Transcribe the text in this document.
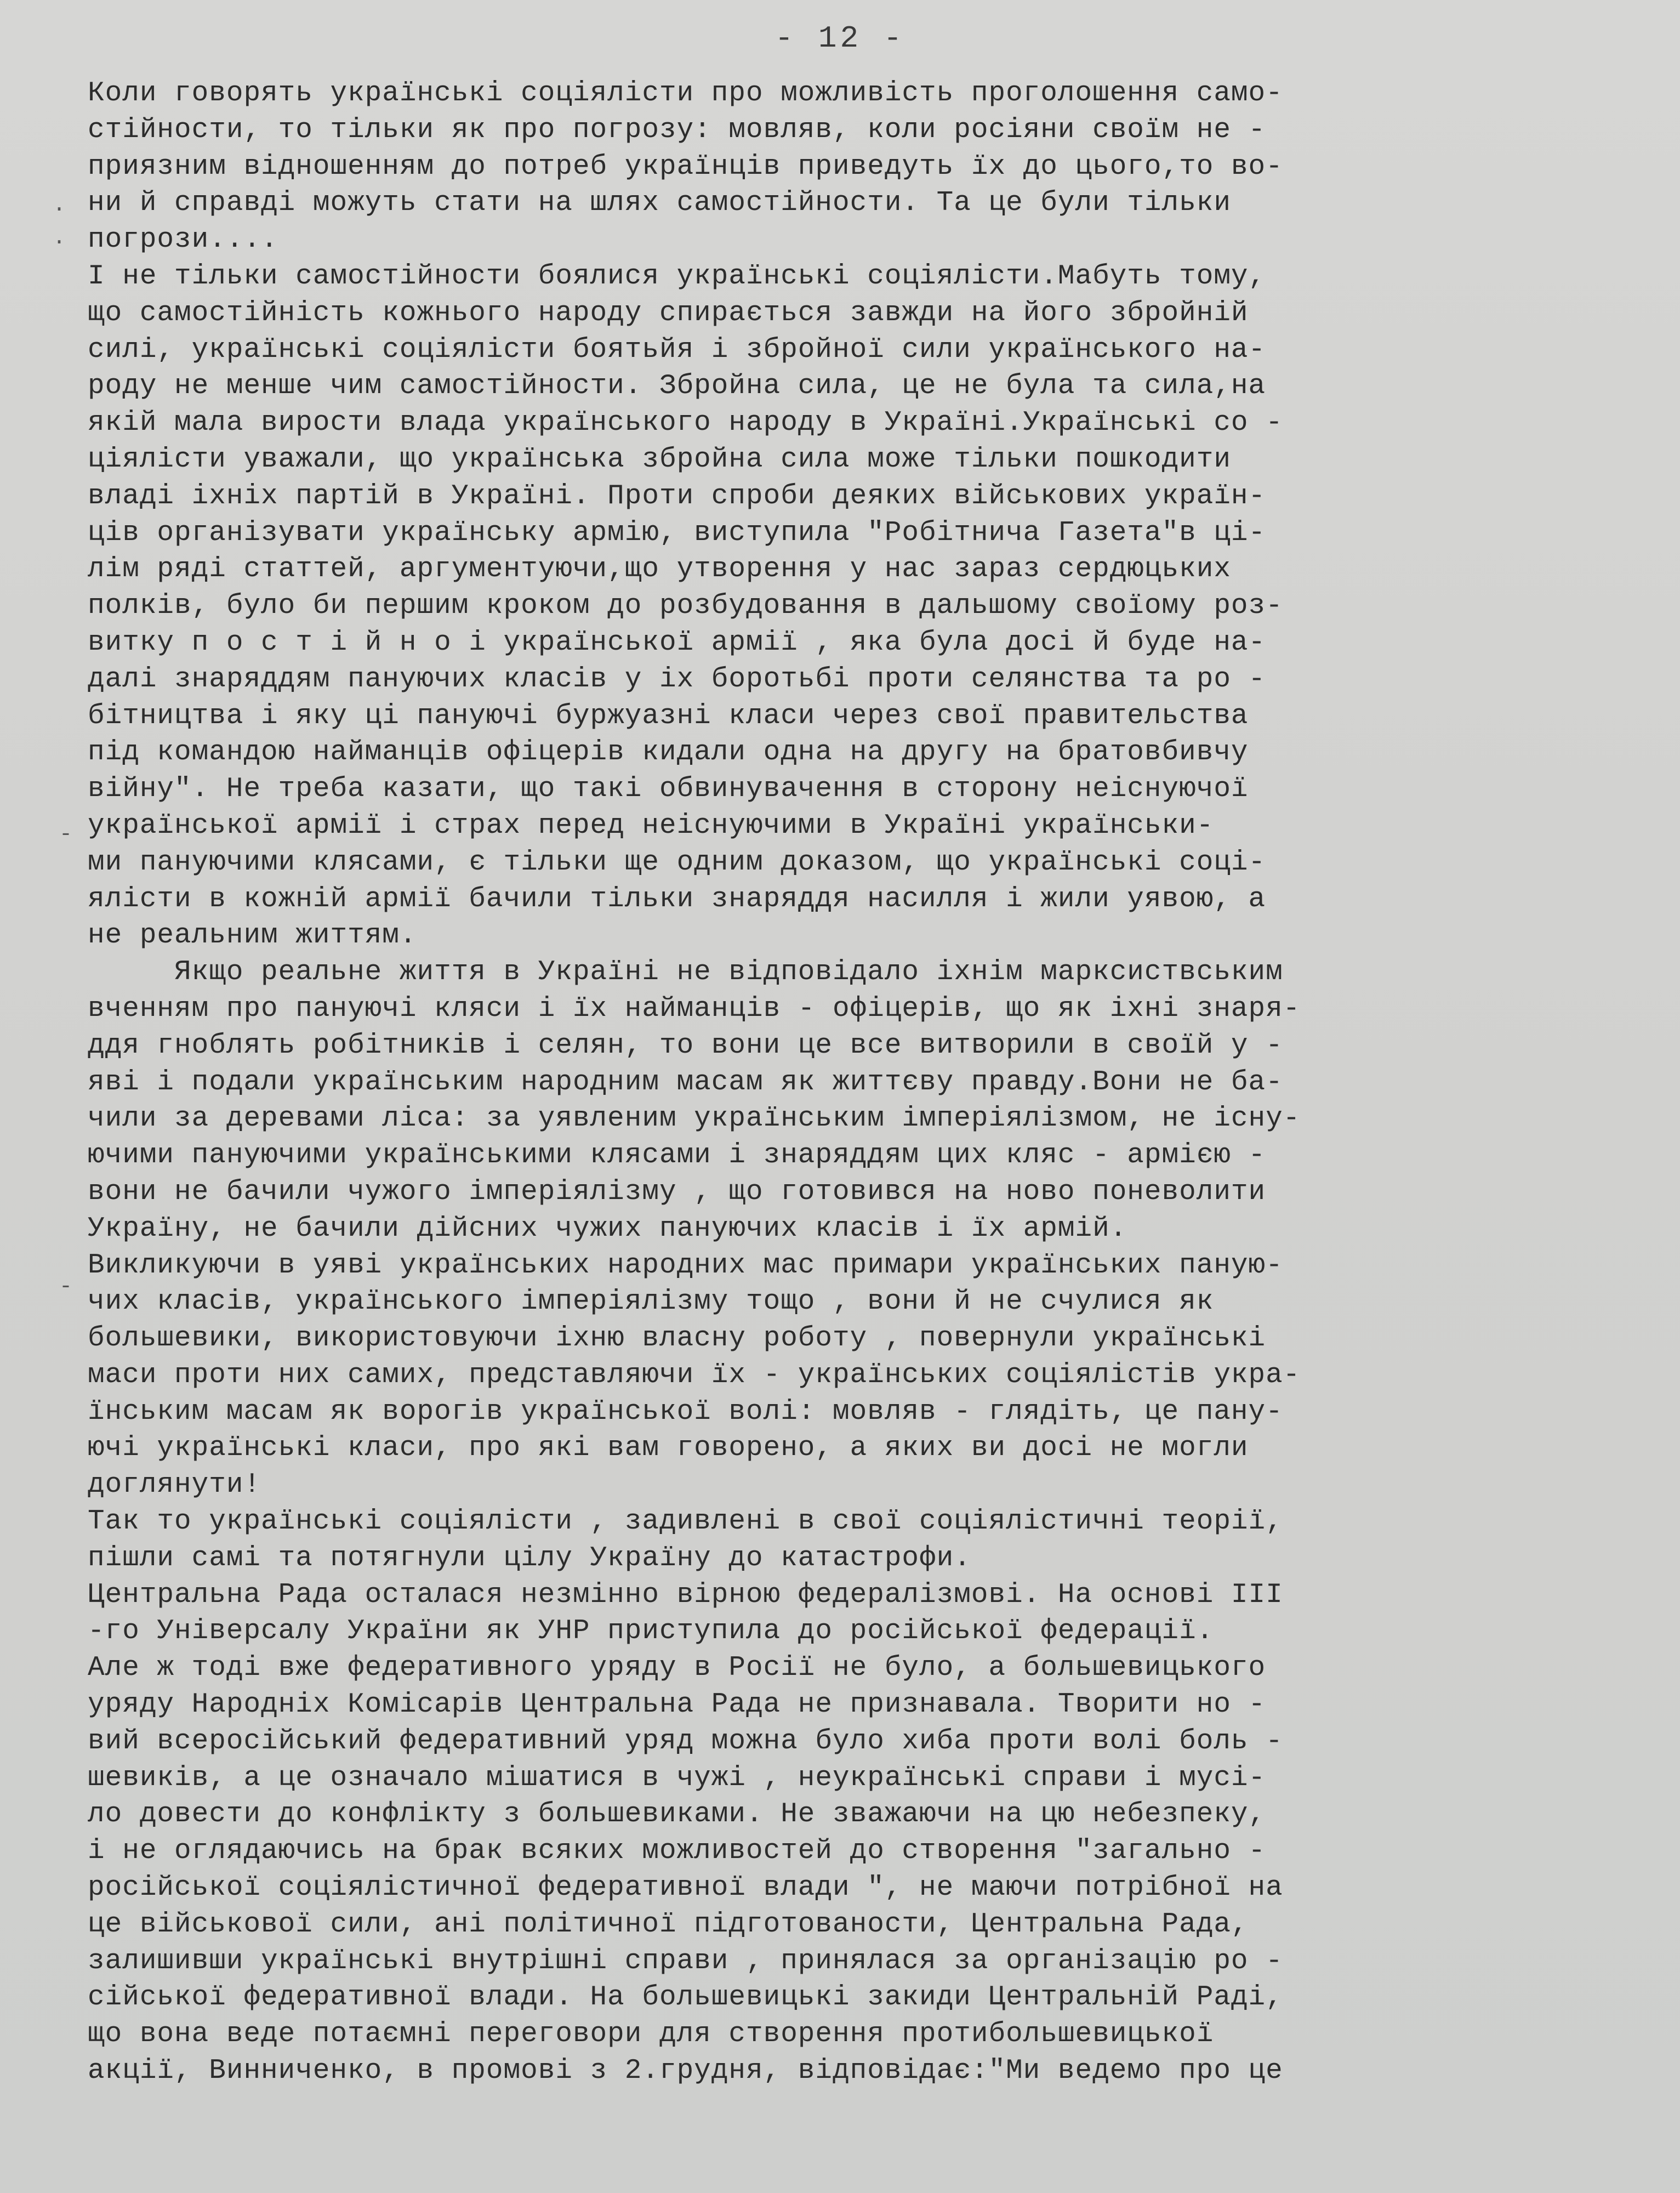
- 12 -
·
·
-
-
Коли говорять українські соціялісти про можливість проголошення само-
стійности, то тільки як про погрозу: мовляв, коли росіяни своїм не -
приязним відношенням до потреб українців приведуть їх до цього,то во-
ни й справді можуть стати на шлях самостійности. Та це були тільки
погрози....
І не тільки самостійности боялися українські соціялісти.Мабуть тому,
що самостійність кожнього народу спирається завжди на його збройній
силі, українські соціялісти боятьйя і збройної сили українського на-
роду не менше чим самостійности. Збройна сила, це не була та сила,на
якій мала вирости влада українського народу в Україні.Українські со -
ціялісти уважали, що українська збройна сила може тільки пошкодити
владі іхніх партій в Україні. Проти спроби деяких військових україн-
ців організувати українську армію, виступила "Робітнича Газета"в ці-
лім ряді статтей, аргументуючи,що утворення у нас зараз сердюцьких
полків, було би першим кроком до розбудовання в дальшому своїому роз-
витку п о с т і й н о і української армії , яка була досі й буде на-
далі знаряддям пануючих класів у іх боротьбі проти селянства та ро -
бітництва і яку ці пануючі буржуазні класи через свої правительства
під командою найманців офіцерів кидали одна на другу на братовбивчу
війну". Не треба казати, що такі обвинувачення в сторону неіснуючої
української армії і страх перед неіснуючими в Україні українськи-
ми пануючими клясами, є тільки ще одним доказом, що українські соці-
ялісти в кожній армії бачили тільки знаряддя насилля і жили уявою, а
не реальним життям.
Якщо реальне життя в Україні не відповідало іхнім марксиствським
вченням про пануючі кляси і їх найманців - офіцерів, що як іхні знаря-
ддя гноблять робітників і селян, то вони це все витворили в своїй у -
яві і подали українським народним масам як життєву правду.Вони не ба-
чили за деревами ліса: за уявленим українським імперіялізмом, не існу-
ючими пануючими українськими клясами і знаряддям цих кляс - армією -
вони не бачили чужого імперіялізму , що готовився на ново поневолити
Україну, не бачили дійсних чужих пануючих класів і їх армій.
Викликуючи в уяві українських народних мас примари українських паную-
чих класів, українського імперіялізму тощо , вони й не счулися як
большевики, використовуючи іхню власну роботу , повернули українські
маси проти них самих, представляючи їх - українських соціялістів укра-
їнським масам як ворогів української волі: мовляв - глядіть, це пану-
ючі українські класи, про які вам говорено, а яких ви досі не могли
доглянути!
Так то українські соціялісти , задивлені в свої соціялістичні теорії,
пішли самі та потягнули цілу Україну до катастрофи.
Центральна Рада осталася незмінно вірною федералізмові. На основі III
-го Універсалу України як УНР приступила до російської федерації.
Але ж тоді вже федеративного уряду в Росії не було, а большевицького
уряду Народніх Комісарів Центральна Рада не признавала. Творити но -
вий всеросійський федеративний уряд можна було хиба проти волі боль -
шевиків, а це означало мішатися в чужі , неукраїнські справи і мусі-
ло довести до конфлікту з большевиками. Не зважаючи на цю небезпеку,
і не оглядаючись на брак всяких можливостей до створення "загально -
російської соціялістичної федеративної влади ", не маючи потрібної на
це військової сили, ані політичної підготованости, Центральна Рада,
залишивши українські внутрішні справи , принялася за організацію ро -
сійської федеративної влади. На большевицькі закиди Центральній Раді,
що вона веде потаємні переговори для створення протибольшевицької
акції, Винниченко, в промові з 2.грудня, відповідає:"Ми ведемо про це
